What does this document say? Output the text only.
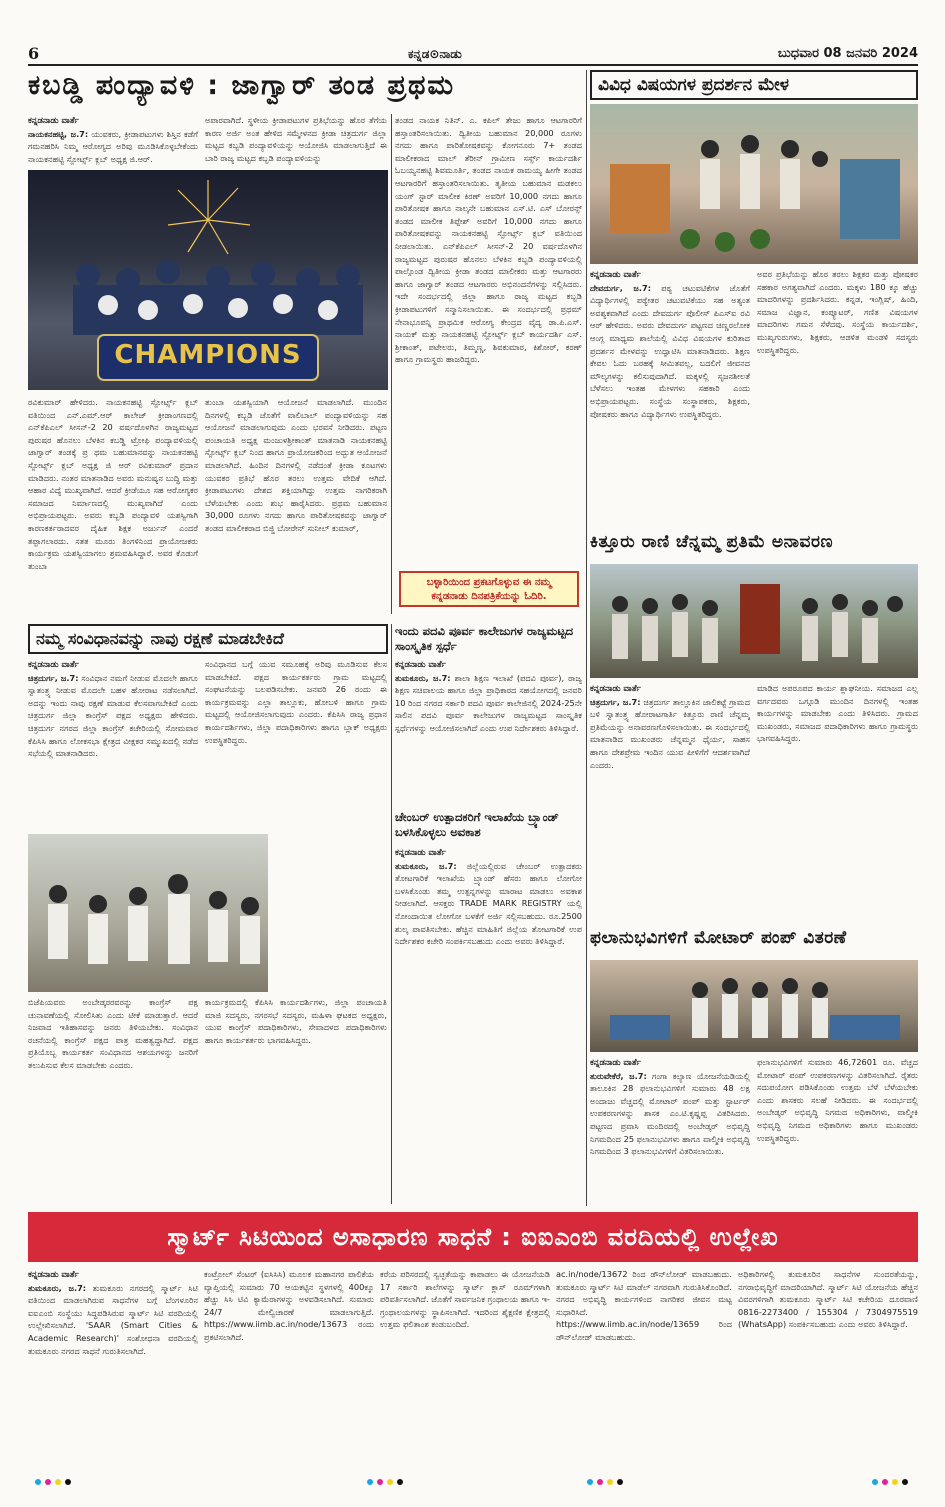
6	ಕನ್ನಡ⊙ನಾಡು	ಬುಧವಾರ 08 ಜನವರಿ 2024
ಕಬಡ್ಡಿ ಪಂದ್ಯಾವಳಿ : ಜಾಗ್ವಾರ್ ತಂಡ ಪ್ರಥಮ
ಕನ್ನಡನಾಡು ವಾರ್ತೆ
ನಾಯಕನಹಟ್ಟಿ, ಜ.7: ಯುವಕರು, ಕ್ರೀಡಾಪಟುಗಳು ಶಿಸ್ತಿನ ಕಡೆಗೆ ಗಮನಹರಿಸಿ ನಿಮ್ಮ ಆರೋಗ್ಯದ ಅರಿವು ಮೂಡಿಸಿಕೊಳ್ಳಬೇಕೆಂದು ನಾಯಕನಹಟ್ಟಿ ಸ್ಪೋರ್ಟ್ಸ್ ಕ್ಲಬ್ ಅಧ್ಯಕ್ಷ ಜಿ.ಆರ್.
ಅಪಾರವಾಗಿದೆ. ಸ್ಥಳೀಯ ಕ್ರೀಡಾಪಟುಗಳ ಪ್ರತಿಭೆಯನ್ನು ಹೊರ ತೆಗೆಯ ಕಾರಣ ಅರ್ಜಿ ಅಂತ ಹೇಳಿದ ಸಮ್ಮೇಳನದ ಕ್ರೀಡಾ ಚಿತ್ರದುರ್ಗ ಜಿಲ್ಲಾ ಮಟ್ಟದ ಕಬ್ಬಡಿ ಪಂದ್ಯಾವಳಿಯನ್ನು ಆಯೋಜಿಸಿ ಮಾಡಲಾಗುತ್ತಿದೆ ಈ ಬಾರಿ ರಾಜ್ಯ ಮಟ್ಟದ ಕಬ್ಬಡಿ ಪಂದ್ಯಾವಳಿಯನ್ನು
ತಂಡದ ನಾಯಕ ನಿತಿನ್. ಎ. ಕಪಿಲ್ ತೇಜು ಹಾಗೂ ಆಟಗಾರರಿಗೆ ಹಸ್ತಾಂತರಿಸಲಾಯಿತು. ದ್ವಿತೀಯ ಬಹುಮಾನ 20,000 ರೂಗಳು ನಗದು ಹಾಗೂ ಪಾರಿತೋಷಕವನ್ನು ಕೋಗನೂರು 7+ ತಂಡದ ಮಾಲೀಕರಾದ ಮಾಲ್ ತೆರೀನ್ ಗ್ರಾಮೀಣ ಸರ್ಸ್ಸ್ ಕಾರ್ಯದರ್ಶಿ ಓಬಯ್ಯನಹಟ್ಟಿ ಶಿವಮೂರ್ತಿ, ತಂಡದ ನಾಯಕ ರಾಮಯ್ಯ ಹೀಗೇ ತಂಡದ ಆಟಗಾರರಿಗೆ ಹಸ್ತಾಂತರಿಸಲಾಯಿತು. ತೃತೀಯ ಬಹುಮಾನ ಮಡಕಲು ಯಂಗ್ ಸ್ಟಾರ್ ಮಾಲೀಕ ಕಿರಣ್ ಅವರಿಗೆ 10,000 ನಗದು ಹಾಗೂ ಪಾರಿತೋಷಕ ಹಾಗೂ ನಾಲ್ಕನೇ ಬಹುಮಾನ ಎಸ್.ಟಿ. ಎಸ್ ಬೋರನ್ಸ್ ತಂಡದ ಮಾಲೀಕ ತಿಪ್ಪೇಶ್ ಅವರಿಗೆ 10,000 ನಗದು ಹಾಗೂ ಪಾರಿತೋಷಕವನ್ನು ನಾಯಕನಹಟ್ಟಿ ಸ್ಪೋರ್ಟ್ಸ್ ಕ್ಲಬ್ ವತಿಯಿಂದ ನೀಡಲಾಯಿತು. ಎನ್‌ಕೆಪಿಎಲ್ ಸೀಸನ್‌-2 20 ವರ್ಷದೊಳಗಿನ ರಾಜ್ಯಮಟ್ಟದ ಪುರುಷರ ಹೊನಲು ಬೆಳಕಿನ ಕಬ್ಬಡಿ ಪಂದ್ಯಾವಳಿಯಲ್ಲಿ ಪಾಲ್ಗೊಂಡ ದ್ವಿತೀಯ ಕ್ರೀಡಾ ತಂಡದ ಮಾಲೀಕರು ಮತ್ತು ಆಟಗಾರರು ಹಾಗೂ ಜಾಗ್ವಾರ್ ತಂಡದ ಆಟಗಾರರು ಅಭಿನಂದನೆಗಳನ್ನು ಸಲ್ಲಿಸಿದರು. ಇದೇ ಸಂದರ್ಭದಲ್ಲಿ ಜಿಲ್ಲಾ ಹಾಗೂ ರಾಜ್ಯ ಮಟ್ಟದ ಕಬ್ಬಡಿ ಕ್ರೀಡಾಪಟುಗಳಿಗೆ ಸನ್ಮಾನಿಸಲಾಯಿತು. ಈ ಸಂದರ್ಭದಲ್ಲಿ ಪ್ರಥಮ್ ನೇನಾಭೂಪನ್ನಿ ಪ್ರಾಥಮಿಕ ಆರೋಗ್ಯ ಕೇಂದ್ರದ ವೈದ್ಯ ಡಾ.ಪಿ.ಎಸ್. ನಾಯಕ್ ಮತ್ತು ನಾಯಕನಹಟ್ಟಿ ಸ್ಪೋರ್ಟ್ಸ್ ಕ್ಲಬ್ ಕಾರ್ಯದರ್ಶಿ ಎಸ್. ಶ್ರೀಕಾಂತ್, ಪಟೇಲರು, ತಿಮ್ಮಣ್ಣ, ಶಿವಕುಮಾರ, ಕಿಶೋರ್, ಕರಣ್ ಹಾಗೂ ಗ್ರಾಮಸ್ಥರು ಹಾಜರಿದ್ದರು.
CHAMPIONS
ರವಿಕುಮಾರ್ ಹೇಳಿದರು. ನಾಯಕನಹಟ್ಟಿ ಸ್ಪೋರ್ಟ್ಸ್ ಕ್ಲಬ್ ವತಿಯಿಂದ ಎನ್.ಎಮ್.ಆರ್ ಕಾಲೇಜ್ ಕ್ರೀಡಾಂಗಣದಲ್ಲಿ ಎನ್‌ಕೆಪಿಎಲ್ ಸೀಸನ್‌-2 20 ವರ್ಷದೊಳಗಿನ ರಾಜ್ಯಮಟ್ಟದ ಪುರುಷರ ಹೊನಲು ಬೆಳಕಿನ ಕಬಡ್ಡಿ ಟ್ರೋಫಿ ಪಂದ್ಯಾವಳಿಯಲ್ಲಿ ಜಾಗ್ವಾರ್ ತಂಡಕ್ಕೆ ಪ್ರ ಥಮ ಬಹುಮಾನವನ್ನು ನಾಯಕನಹಟ್ಟಿ ಸ್ಪೋರ್ಟ್ಸ್ ಕ್ಲಬ್ ಅಧ್ಯಕ್ಷ ಜಿ ಆರ್ ರವಿಕುಮಾರ್ ಪ್ರದಾನ ಮಾಡಿದರು. ನಂತರ ಮಾತನಾಡಿದ ಅವರು ಮನುಷ್ಯನ ಬುದ್ಧಿ ಮತ್ತು ಆಹಾರ ವಿದ್ಯೆ ಮುಖ್ಯವಾಗಿದೆ. ಆದರೆ ಕ್ರೀಡೆಯೂ ಸಹ ಆರೋಗ್ಯಕರ ಸಮಾಜದ ನಿರ್ಮಾಣದಲ್ಲಿ ಮುಖ್ಯವಾಗಿದೆ ಎಂದು ಅಭಿಪ್ರಾಯಪಟ್ಟರು. ಅವರು ಕಬ್ಬಡಿ ಪಂದ್ಯಾವಳಿ ಯಶಸ್ವಿಗಾಗಿ ಕಾರಣಕರ್ತರಾದವರ ದೈಹಿಕ ಶಿಕ್ಷಕ ಅರ್ಜುನ್ ಎಂದರೆ ತಪ್ಪಾಗಲಾರದು. ಸತತ ಮೂರು ತಿಂಗಳಿನಿಂದ ಪ್ರಾಯೋಜಕರು ಕಾರ್ಯಕ್ರಮ ಯಶಸ್ವಿಯಾಗಲು ಶ್ರಮವಹಿಸಿದ್ದಾರೆ. ಅವರ ಕೊಡುಗೆ ತುಂಬಾ
ತುಂಬಾ ಯಶಸ್ವಿಯಾಗಿ ಆಯೋಜನೆ ಮಾಡಲಾಗಿದೆ. ಮುಂದಿನ ದಿನಗಳಲ್ಲಿ ಕಬ್ಬಡಿ ಜೊತೆಗೆ ವಾಲಿಬಾಲ್ ಪಂದ್ಯಾವಳಿಯನ್ನು ಸಹ ಆಯೋಜನೆ ಮಾಡಲಾಗುವುದು ಎಂದು ಭರವಸೆ ನೀಡಿದರು. ಪಟ್ಟಣ ಪಂಚಾಯತಿ ಅಧ್ಯಕ್ಷ ಮಂಜುಳಶ್ರೀಕಾಂತ್ ಮಾತನಾಡಿ ನಾಯಕನಹಟ್ಟಿ ಸ್ಪೋರ್ಟ್ಸ್ ಕ್ಲಬ್ ನಿಂದ ಹಾಗೂ ಪ್ರಾಯೋಜಕರಿಂದ ಅದ್ಭುತ ಆಯೋಜನೆ ಮಾಡಲಾಗಿದೆ. ಹಿಂದಿನ ದಿನಗಳಲ್ಲಿ ನಡೆದಂತೆ ಕ್ರೀಡಾ ಕೂಟಗಳು ಯುವಕರ ಪ್ರತಿಭೆ ಹೊರ ತರಲು ಉತ್ತಮ ವೇದಿಕೆ ಆಗಿದೆ. ಕ್ರೀಡಾಪಟುಗಳು ದೇಶದ ಶಕ್ತಿಯಾಗಿದ್ದು ಉತ್ತಮ ನಾಗರಿಕರಾಗಿ ಬೆಳೆಯಬೇಕು ಎಂದು ಶುಭ ಹಾರೈಸಿದರು. ಪ್ರಥಮ ಬಹುಮಾನ 30,000 ರೂಗಳು ನಗದು ಹಾಗೂ ಪಾರಿತೋಷಕವನ್ನು ಜಾಗ್ವಾರ್ ತಂಡದ ಮಾಲೀಕರಾದ ಬಿಜ್ಜಿ ಬೋರೇನ್ ಸುನೀಲ್ ಕುಮಾರ್,
ಬಳ್ಳಾರಿಯಿಂದ ಪ್ರಕಟಗೊಳ್ಳುವ ಈ ನಮ್ಮ
ಕನ್ನಡನಾಡು ದಿನಪತ್ರಿಕೆಯನ್ನು ಓದಿರಿ.
ವಿವಿಧ ವಿಷಯಗಳ ಪ್ರದರ್ಶನ ಮೇಳ
ಕನ್ನಡನಾಡು ವಾರ್ತೆ
ದೇವದುರ್ಗ, ಜ.7: ಪಠ್ಯ ಚಟುವಟಿಕೆಗಳ ಜೊತೆಗೆ ವಿದ್ಯಾರ್ಥಿಗಳಲ್ಲಿ ಪಠ್ಯೇತರ ಚಟುವಟಿಕೆಯು ಸಹ ಅತ್ಯಂತ ಅವಶ್ಯಕವಾಗಿದೆ ಎಂದು ದೇವದುರ್ಗ ಪೊಲೀಸ್ ಪಿಎಸ್‌ಐ ರವಿ ಆರ್ ಹೇಳಿದರು. ಅವರು ದೇವದುರ್ಗ ಪಟ್ಟಣದ ಚಿಣ್ಣರಲೋಕ ಆಂಗ್ಲ ಮಾಧ್ಯಮ ಶಾಲೆಯಲ್ಲಿ ವಿವಿಧ ವಿಷಯಗಳ ಕುರಿತಾದ ಪ್ರದರ್ಶನ ಮೇಳವನ್ನು ಉದ್ಘಾಟಿಸಿ ಮಾತನಾಡಿದರು. ಶಿಕ್ಷಣ ಕೇವಲ ಓದು ಬರಹಕ್ಕೆ ಸೀಮಿತವಲ್ಲ, ಬದಲಿಗೆ ಜೀವನದ ಮೌಲ್ಯಗಳನ್ನು ಕಲಿಸುವುದಾಗಿದೆ. ಮಕ್ಕಳಲ್ಲಿ ಸೃಜನಶೀಲತೆ ಬೆಳೆಸಲು ಇಂತಹ ಮೇಳಗಳು ಸಹಕಾರಿ ಎಂದು ಅಭಿಪ್ರಾಯಪಟ್ಟರು. ಸಂಸ್ಥೆಯ ಸಂಸ್ಥಾಪಕರು, ಶಿಕ್ಷಕರು, ಪೋಷಕರು ಹಾಗೂ ವಿದ್ಯಾರ್ಥಿಗಳು ಉಪಸ್ಥಿತರಿದ್ದರು.
ಅವರ ಪ್ರತಿಭೆಯನ್ನು ಹೊರ ತರಲು ಶಿಕ್ಷಕರ ಮತ್ತು ಪೋಷಕರ ಸಹಕಾರ ಅಗತ್ಯವಾಗಿದೆ ಎಂದರು. ಮಕ್ಕಳು 180 ಕ್ಕೂ ಹೆಚ್ಚು ಮಾದರಿಗಳನ್ನು ಪ್ರದರ್ಶಿಸಿದರು. ಕನ್ನಡ, ಇಂಗ್ಲಿಷ್, ಹಿಂದಿ, ಸಮಾಜ ವಿಜ್ಞಾನ, ಕಂಪ್ಯೂಟರ್, ಗಣಿತ ವಿಷಯಗಳ ಮಾದರಿಗಳು ಗಮನ ಸೆಳೆದವು. ಸಂಸ್ಥೆಯ ಕಾರ್ಯದರ್ಶಿ, ಮುಖ್ಯಗುರುಗಳು, ಶಿಕ್ಷಕರು, ಆಡಳಿತ ಮಂಡಳಿ ಸದಸ್ಯರು ಉಪಸ್ಥಿತರಿದ್ದರು.
ಕಿತ್ತೂರು ರಾಣಿ ಚೆನ್ನಮ್ಮ ಪ್ರತಿಮೆ ಅನಾವರಣ
ಕನ್ನಡನಾಡು ವಾರ್ತೆ
ಚಿತ್ರದುರ್ಗ, ಜ.7: ಚಿತ್ರದುರ್ಗ ತಾಲ್ಲೂಕಿನ ಜಾಲಿಕಟ್ಟೆ ಗ್ರಾಮದ ಬಳಿ ಸ್ವಾತಂತ್ರ್ಯ ಹೋರಾಟಗಾರ್ತಿ ಕಿತ್ತೂರು ರಾಣಿ ಚೆನ್ನಮ್ಮ ಪ್ರತಿಮೆಯನ್ನು ಅನಾವರಣಗೊಳಿಸಲಾಯಿತು. ಈ ಸಂದರ್ಭದಲ್ಲಿ ಮಾತನಾಡಿದ ಮುಖಂಡರು ಚೆನ್ನಮ್ಮನ ಧೈರ್ಯ, ಸಾಹಸ ಹಾಗೂ ದೇಶಪ್ರೇಮ ಇಂದಿನ ಯುವ ಪೀಳಿಗೆಗೆ ಆದರ್ಶವಾಗಿದೆ ಎಂದರು.
ಮಾಡಿದ ಅಪರೂಪದ ಕಾರ್ಯ ಶ್ಲಾಘನೀಯ. ಸಮಾಜದ ಎಲ್ಲ ವರ್ಗದವರು ಒಗ್ಗೂಡಿ ಮುಂದಿನ ದಿನಗಳಲ್ಲಿ ಇಂತಹ ಕಾರ್ಯಗಳನ್ನು ಮಾಡಬೇಕು ಎಂದು ತಿಳಿಸಿದರು. ಗ್ರಾಮದ ಮುಖಂಡರು, ಸಮಾಜದ ಪದಾಧಿಕಾರಿಗಳು ಹಾಗೂ ಗ್ರಾಮಸ್ಥರು ಭಾಗವಹಿಸಿದ್ದರು.
ನಮ್ಮ ಸಂವಿಧಾನವನ್ನು ನಾವು ರಕ್ಷಣೆ ಮಾಡಬೇಕಿದೆ
ಕನ್ನಡನಾಡು ವಾರ್ತೆ
ಚಿತ್ರದುರ್ಗ, ಜ.7: ಸಂವಿಧಾನ ನಮಗೆ ನೀಡುವ ಮೊದಲೇ ಹಾಗೂ ಸ್ವಾತಂತ್ರ್ಯ ನೀಡುವ ಮೊದಲೇ ಬಹಳ ಹೋರಾಟ ನಡೆಸಲಾಗಿದೆ. ಅದನ್ನು ಇಂದು ನಾವು ರಕ್ಷಣೆ ಮಾಡುವ ಕೆಲಸವಾಗಬೇಕಿದೆ ಎಂದು ಚಿತ್ರದುರ್ಗ ಜಿಲ್ಲಾ ಕಾಂಗ್ರೆಸ್ ಪಕ್ಷದ ಅಧ್ಯಕ್ಷರು ಹೇಳಿದರು. ಚಿತ್ರದುರ್ಗ ನಗರದ ಜಿಲ್ಲಾ ಕಾಂಗ್ರೆಸ್ ಕಚೇರಿಯಲ್ಲಿ ಸೋಮವಾರ ಕೆಪಿಸಿಸಿ ಹಾಗೂ ಲೋಕಸಭಾ ಕ್ಷೇತ್ರದ ವೀಕ್ಷಕರ ಸಮ್ಮುಖದಲ್ಲಿ ನಡೆದ ಸಭೆಯಲ್ಲಿ ಮಾತನಾಡಿದರು.
ಸಂವಿಧಾನದ ಬಗ್ಗೆ ಯುವ ಸಮೂಹಕ್ಕೆ ಅರಿವು ಮೂಡಿಸುವ ಕೆಲಸ ಮಾಡಬೇಕಿದೆ. ಪಕ್ಷದ ಕಾರ್ಯಕರ್ತರು ಗ್ರಾಮ ಮಟ್ಟದಲ್ಲಿ ಸಂಘಟನೆಯನ್ನು ಬಲಪಡಿಸಬೇಕು. ಜನವರಿ 26 ರಂದು ಈ ಕಾರ್ಯಕ್ರಮವನ್ನು ಎಲ್ಲಾ ತಾಲ್ಲೂಕು, ಹೋಬಳಿ ಹಾಗೂ ಗ್ರಾಮ ಮಟ್ಟದಲ್ಲಿ ಆಯೋಜಿಸಲಾಗುವುದು ಎಂದರು. ಕೆಪಿಸಿಸಿ ರಾಜ್ಯ ಪ್ರಧಾನ ಕಾರ್ಯದರ್ಶಿಗಳು, ಜಿಲ್ಲಾ ಪದಾಧಿಕಾರಿಗಳು ಹಾಗೂ ಬ್ಲಾಕ್ ಅಧ್ಯಕ್ಷರು ಉಪಸ್ಥಿತರಿದ್ದರು.
ಬಿಜೆಪಿಯವರು ಅಂಬೇಡ್ಕರರವರನ್ನು ಕಾಂಗ್ರೆಸ್ ಪಕ್ಷ ಚುನಾವಣೆಯಲ್ಲಿ ಸೋಲಿಸಿತು ಎಂದು ಟೀಕೆ ಮಾಡುತ್ತಾರೆ. ಆದರೆ ನಿಜವಾದ ಇತಿಹಾಸವನ್ನು ಜನರು ತಿಳಿಯಬೇಕು. ಸಂವಿಧಾನ ರಚನೆಯಲ್ಲಿ ಕಾಂಗ್ರೆಸ್ ಪಕ್ಷದ ಪಾತ್ರ ಮಹತ್ವದ್ದಾಗಿದೆ. ಪಕ್ಷದ ಪ್ರತಿಯೊಬ್ಬ ಕಾರ್ಯಕರ್ತ ಸಂವಿಧಾನದ ಆಶಯಗಳನ್ನು ಜನರಿಗೆ ತಲುಪಿಸುವ ಕೆಲಸ ಮಾಡಬೇಕು ಎಂದರು.
ಕಾರ್ಯಕ್ರಮದಲ್ಲಿ ಕೆಪಿಸಿಸಿ ಕಾರ್ಯದರ್ಶಿಗಳು, ಜಿಲ್ಲಾ ಪಂಚಾಯತಿ ಮಾಜಿ ಸದಸ್ಯರು, ನಗರಸಭೆ ಸದಸ್ಯರು, ಮಹಿಳಾ ಘಟಕದ ಅಧ್ಯಕ್ಷರು, ಯುವ ಕಾಂಗ್ರೆಸ್ ಪದಾಧಿಕಾರಿಗಳು, ಸೇವಾದಳದ ಪದಾಧಿಕಾರಿಗಳು ಹಾಗೂ ಕಾರ್ಯಕರ್ತರು ಭಾಗವಹಿಸಿದ್ದರು.
ಇಂದು ಪದವಿ ಪೂರ್ವ ಕಾಲೇಜುಗಳ ರಾಜ್ಯಮಟ್ಟದ ಸಾಂಸ್ಕೃತಿಕ ಸ್ಪರ್ಧೆ
ಕನ್ನಡನಾಡು ವಾರ್ತೆ
ತುಮಕೂರು, ಜ.7: ಶಾಲಾ ಶಿಕ್ಷಣ ಇಲಾಖೆ (ಪದವಿ ಪೂರ್ವ), ರಾಜ್ಯ ಶಿಕ್ಷಣ ಸಚಿವಾಲಯ ಹಾಗೂ ಜಿಲ್ಲಾ ಪ್ರಾಧಿಕಾರದ ಸಹಯೋಗದಲ್ಲಿ ಜನವರಿ 10 ರಿಂದ ನಗರದ ಸರ್ಕಾರಿ ಪದವಿ ಪೂರ್ವ ಕಾಲೇಜಿನಲ್ಲಿ 2024-25ನೇ ಸಾಲಿನ ಪದವಿ ಪೂರ್ವ ಕಾಲೇಜುಗಳ ರಾಜ್ಯಮಟ್ಟದ ಸಾಂಸ್ಕೃತಿಕ ಸ್ಪರ್ಧೆಗಳನ್ನು ಆಯೋಜಿಸಲಾಗಿದೆ ಎಂದು ಉಪ ನಿರ್ದೇಶಕರು ತಿಳಿಸಿದ್ದಾರೆ.
ಚೇಂಬರ್ ಉತ್ಪಾದಕರಿಗೆ ಇಲಾಖೆಯ ಬ್ರ್ಯಾಂಡ್ ಬಳಸಿಕೊಳ್ಳಲು ಅವಕಾಶ
ಕನ್ನಡನಾಡು ವಾರ್ತೆ
ತುಮಕೂರು, ಜ.7: ಜಿಲ್ಲೆಯಲ್ಲಿರುವ ಚೇಂಬರ್ ಉತ್ಪಾದಕರು ತೋಟಗಾರಿಕೆ ಇಲಾಖೆಯ ಬ್ರ್ಯಾಂಡ್ ಹೆಸರು ಹಾಗೂ ಲೋಗೋ ಬಳಸಿಕೊಂಡು ತಮ್ಮ ಉತ್ಪನ್ನಗಳನ್ನು ಮಾರಾಟ ಮಾಡಲು ಅವಕಾಶ ನೀಡಲಾಗಿದೆ. ಆಸಕ್ತರು TRADE MARK REGISTRY ಯಲ್ಲಿ ನೋಂದಾಯಿತ ಲೋಗೋ ಬಳಕೆಗೆ ಅರ್ಜಿ ಸಲ್ಲಿಸಬಹುದು. ರೂ.2500 ಶುಲ್ಕ ಪಾವತಿಸಬೇಕು. ಹೆಚ್ಚಿನ ಮಾಹಿತಿಗೆ ಜಿಲ್ಲೆಯ ತೋಟಗಾರಿಕೆ ಉಪ ನಿರ್ದೇಶಕರ ಕಚೇರಿ ಸಂಪರ್ಕಿಸಬಹುದು ಎಂದು ಅವರು ತಿಳಿಸಿದ್ದಾರೆ.	ಫಲಾನುಭವಿಗಳಿಗೆ ಮೋಟಾರ್ ಪಂಪ್ ವಿತರಣೆ
ಕನ್ನಡನಾಡು ವಾರ್ತೆ
ತುರುವೇಕೆರೆ, ಜ.7: ಗಂಗಾ ಕಲ್ಯಾಣ ಯೋಜನೆಯಡಿಯಲ್ಲಿ ತಾಲೂಕಿನ 28 ಫಲಾನುಭವಿಗಳಿಗೆ ಸುಮಾರು 48 ಲಕ್ಷ ಅಂದಾಜು ವೆಚ್ಚದಲ್ಲಿ ಮೋಟಾರ್ ಪಂಪ್ ಮತ್ತು ಸ್ಟಾರ್ಟರ್ ಉಪಕರಣಗಳನ್ನು ಶಾಸಕ ಎಂ.ಟಿ.ಕೃಷ್ಣಪ್ಪ ವಿತರಿಸಿದರು. ಪಟ್ಟಣದ ಪ್ರವಾಸಿ ಮಂದಿರದಲ್ಲಿ ಅಂಬೇಡ್ಕರ್ ಅಭಿವೃದ್ಧಿ ನಿಗಮದಿಂದ 25 ಫಲಾನುಭವಿಗಳು ಹಾಗೂ ವಾಲ್ಮೀಕಿ ಅಭಿವೃದ್ಧಿ ನಿಗಮದಿಂದ 3 ಫಲಾನುಭವಿಗಳಿಗೆ ವಿತರಿಸಲಾಯಿತು.
ಫಲಾನುಭವಿಗಳಿಗೆ ಸುಮಾರು 46,72601 ರೂ. ವೆಚ್ಚದ ಮೋಟಾರ್ ಪಂಪ್ ಉಪಕರಣಗಳನ್ನು ವಿತರಿಸಲಾಗಿದೆ. ರೈತರು ಸದುಪಯೋಗ ಪಡಿಸಿಕೊಂಡು ಉತ್ತಮ ಬೆಳೆ ಬೆಳೆಯಬೇಕು ಎಂದು ಶಾಸಕರು ಸಲಹೆ ನೀಡಿದರು. ಈ ಸಂದರ್ಭದಲ್ಲಿ ಅಂಬೇಡ್ಕರ್ ಅಭಿವೃದ್ಧಿ ನಿಗಮದ ಅಧಿಕಾರಿಗಳು, ವಾಲ್ಮೀಕಿ ಅಭಿವೃದ್ಧಿ ನಿಗಮದ ಅಧಿಕಾರಿಗಳು ಹಾಗೂ ಮುಖಂಡರು ಉಪಸ್ಥಿತರಿದ್ದರು.
ಸ್ಮಾರ್ಟ್ ಸಿಟಿಯಿಂದ ಅಸಾಧಾರಣ ಸಾಧನೆ : ಐಐಎಂಬಿ ವರದಿಯಲ್ಲಿ ಉಲ್ಲೇಖ
ಕನ್ನಡನಾಡು ವಾರ್ತೆ
ತುಮಕೂರು, ಜ.7: ತುಮಕೂರು ನಗರದಲ್ಲಿ ಸ್ಮಾರ್ಟ್ ಸಿಟಿ ವತಿಯಿಂದ ಮಾಡಲಾಗಿರುವ ಸಾಧನೆಗಳ ಬಗ್ಗೆ ಬೆಂಗಳೂರಿನ ಐಐಎಂಬಿ ಸಂಸ್ಥೆಯು ಸಿದ್ಧಪಡಿಸಿರುವ ಸ್ಮಾರ್ಟ್ ಸಿಟಿ ವರದಿಯಲ್ಲಿ ಉಲ್ಲೇಖಿಸಲಾಗಿದೆ. 'SAAR (Smart Cities & Academic Research)' ಸಂಶೋಧನಾ ವರದಿಯಲ್ಲಿ ತುಮಕೂರು ನಗರದ ಸಾಧನೆ ಗುರುತಿಸಲಾಗಿದೆ.
ಕಂಟ್ರೋಲ್ ಸೆಂಟರ್ (ಐಸಿಸಿಸಿ) ಮೂಲಕ ಮಹಾನಗರ ಪಾಲಿಕೆಯ ವ್ಯಾಪ್ತಿಯಲ್ಲಿ ಸುಮಾರು 70 ಆಯಕಟ್ಟಿನ ಸ್ಥಳಗಳಲ್ಲಿ 400ಕ್ಕೂ ಹೆಚ್ಚು ಸಿಸಿ ಟಿವಿ ಕ್ಯಾಮೆರಾಗಳನ್ನು ಅಳವಡಿಸಲಾಗಿದೆ. ಸುಮಾರು 24/7 ಮೇಲ್ವಿಚಾರಣೆ ಮಾಡಲಾಗುತ್ತಿದೆ. https://www.iimb.ac.in/node/13673 ರಂದು ಪ್ರಕಟಿಸಲಾಗಿದೆ.
ಕರೆಯ ಪರಿಸರದಲ್ಲಿ ಸ್ವಚ್ಛತೆಯನ್ನು ಕಾಪಾಡಲು ಈ ಯೋಜನೆಯಡಿ 17 ಸರ್ಕಾರಿ ಶಾಲೆಗಳನ್ನು ಸ್ಮಾರ್ಟ್ ಕ್ಲಾಸ್ ರೂಮ್‌ಗಳಾಗಿ ಪರಿವರ್ತಿಸಲಾಗಿದೆ. ಜೊತೆಗೆ ಸಾರ್ವಜನಿಕ ಗ್ರಂಥಾಲಯ ಹಾಗೂ ಇ-ಗ್ರಂಥಾಲಯಗಳನ್ನು ಸ್ಥಾಪಿಸಲಾಗಿದೆ. ಇದರಿಂದ ಶೈಕ್ಷಣಿಕ ಕ್ಷೇತ್ರದಲ್ಲಿ ಉತ್ತಮ ಫಲಿತಾಂಶ ಕಂಡುಬಂದಿದೆ.
ac.in/node/13672 ರಿಂದ ಡೌನ್‌ಲೋಡ್ ಮಾಡಬಹುದು. ತುಮಕೂರು ಸ್ಮಾರ್ಟ್ ಸಿಟಿ ಮಾಡೆಲ್ ನಗರವಾಗಿ ಗುರುತಿಸಿಕೊಂಡಿದೆ. ನಗರದ ಅಭಿವೃದ್ಧಿ ಕಾರ್ಯಗಳಿಂದ ನಾಗರಿಕರ ಜೀವನ ಮಟ್ಟ ಸುಧಾರಿಸಿದೆ. https://www.iimb.ac.in/node/13659 ರಿಂದ ಡೌನ್‌ಲೋಡ್ ಮಾಡಬಹುದು.
ಅಧಿಕಾರಿಗಳಲ್ಲಿ ತುಮಕೂರಿನ ಸಾಧನೆಗಳ ಸುಂದರತೆಯನ್ನು, ನಗರಾಭಿವೃದ್ಧಿಗೆ ಮಾದರಿಯಾಗಿದೆ. ಸ್ಮಾರ್ಟ್ ಸಿಟಿ ಯೋಜನೆಯ ಹೆಚ್ಚಿನ ವಿವರಗಳಿಗಾಗಿ ತುಮಕೂರು ಸ್ಮಾರ್ಟ್ ಸಿಟಿ ಕಚೇರಿಯ ದೂರವಾಣಿ 0816-2273400 / 155304 / 7304975519 (WhatsApp) ಸಂಪರ್ಕಿಸಬಹುದು ಎಂದು ಅವರು ತಿಳಿಸಿದ್ದಾರೆ.
